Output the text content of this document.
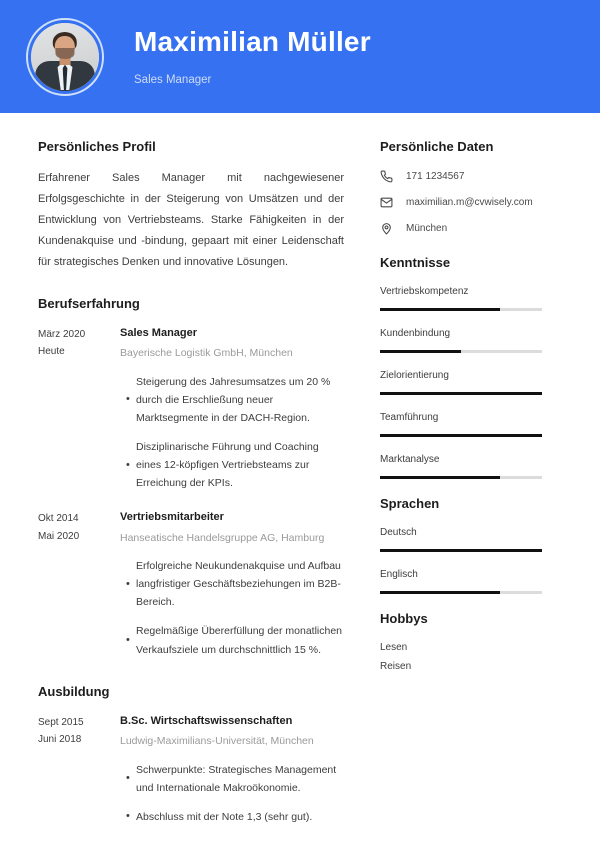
Maximilian Müller
Sales Manager
Persönliches Profil
Erfahrener Sales Manager mit nachgewiesener Erfolgsgeschichte in der Steigerung von Umsätzen und der Entwicklung von Vertriebsteams. Starke Fähigkeiten in der Kundenakquise und -bindung, gepaart mit einer Leidenschaft für strategisches Denken und innovative Lösungen.
Berufserfahrung
März 2020
Heute
Sales Manager
Bayerische Logistik GmbH, München
•
Steigerung des Jahresumsatzes um 20 % durch die Erschließung neuer Marktsegmente in der DACH-Region.
•
Disziplinarische Führung und Coaching eines 12-köpfigen Vertriebsteams zur Erreichung der KPIs.
Okt 2014
Mai 2020
Vertriebsmitarbeiter
Hanseatische Handelsgruppe AG, Hamburg
•
Erfolgreiche Neukundenakquise und Aufbau langfristiger Geschäftsbeziehungen im B2B-Bereich.
•
Regelmäßige Übererfüllung der monatlichen Verkaufsziele um durchschnittlich 15 %.
Ausbildung
Sept 2015
Juni 2018
B.Sc. Wirtschaftswissenschaften
Ludwig-Maximilians-Universität, München
•
Schwerpunkte: Strategisches Management und Internationale Makroökonomie.
• Abschluss mit der Note 1,3 (sehr gut).
Persönliche Daten
171 1234567
maximilian.m@cvwisely.com
München
Kenntnisse
Vertriebskompetenz
Kundenbindung
Zielorientierung
Teamführung
Marktanalyse
Sprachen
Deutsch
Englisch
Hobbys
Lesen
Reisen
